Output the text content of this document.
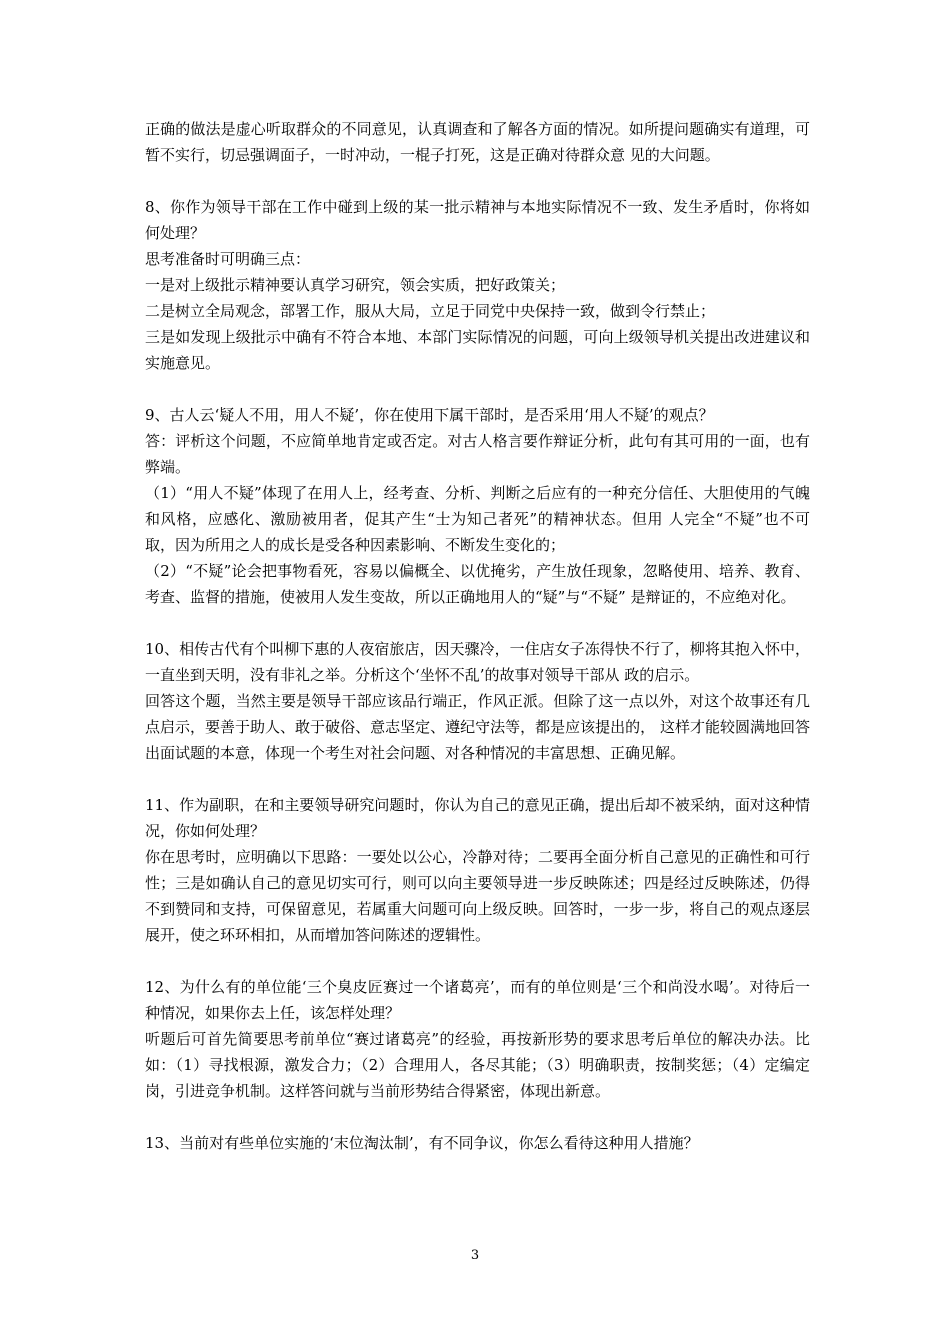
正确的做法是虚心听取群众的不同意见，认真调查和了解各方面的情况。如所提问题确实有道理，可暂不实行，切忌强调面子，一时冲动，一棍子打死，这是正确对待群众意 见的大问题。

8、你作为领导干部在工作中碰到上级的某一批示精神与本地实际情况不一致、发生矛盾时，你将如何处理？

思考准备时可明确三点：

一是对上级批示精神要认真学习研究，领会实质，把好政策关；

二是树立全局观念，部署工作，服从大局，立足于同党中央保持一致，做到令行禁止；

三是如发现上级批示中确有不符合本地、本部门实际情况的问题，可向上级领导机关提出改进建议和实施意见。

9、古人云‘疑人不用，用人不疑’，你在使用下属干部时，是否采用‘用人不疑’的观点？

答：评析这个问题，不应简单地肯定或否定。对古人格言要作辩证分析，此句有其可用的一面，也有弊端。

（1）“用人不疑”体现了在用人上，经考查、分析、判断之后应有的一种充分信任、大胆使用的气魄和风格，应感化、激励被用者，促其产生“士为知己者死”的精神状态。但用 人完全“不疑”也不可取，因为所用之人的成长是受各种因素影响、不断发生变化的；

（2）“不疑”论会把事物看死，容易以偏概全、以优掩劣，产生放任现象，忽略使用、培养、教育、考查、监督的措施，使被用人发生变故，所以正确地用人的“疑”与“不疑” 是辩证的，不应绝对化。

10、相传古代有个叫柳下惠的人夜宿旅店，因天骤冷，一住店女子冻得快不行了，柳将其抱入怀中，一直坐到天明，没有非礼之举。分析这个‘坐怀不乱’的故事对领导干部从 政的启示。

回答这个题，当然主要是领导干部应该品行端正，作风正派。但除了这一点以外，对这个故事还有几点启示，要善于助人、敢于破俗、意志坚定、遵纪守法等，都是应该提出的， 这样才能较圆满地回答出面试题的本意，体现一个考生对社会问题、对各种情况的丰富思想、正确见解。

11、作为副职，在和主要领导研究问题时，你认为自己的意见正确，提出后却不被采纳，面对这种情况，你如何处理？

你在思考时，应明确以下思路：一要处以公心，冷静对待；二要再全面分析自己意见的正确性和可行性；三是如确认自己的意见切实可行，则可以向主要领导进一步反映陈述；四是经过反映陈述，仍得不到赞同和支持，可保留意见，若属重大问题可向上级反映。回答时，一步一步，将自己的观点逐层展开，使之环环相扣，从而增加答问陈述的逻辑性。

12、为什么有的单位能‘三个臭皮匠赛过一个诸葛亮’，而有的单位则是‘三个和尚没水喝’。对待后一种情况，如果你去上任，该怎样处理？

听题后可首先简要思考前单位“赛过诸葛亮”的经验，再按新形势的要求思考后单位的解决办法。比如：（1）寻找根源，激发合力；（2）合理用人，各尽其能；（3）明确职责，按制奖惩；（4）定编定岗，引进竞争机制。这样答问就与当前形势结合得紧密，体现出新意。

13、当前对有些单位实施的‘末位淘汰制’，有不同争议，你怎么看待这种用人措施？

3
